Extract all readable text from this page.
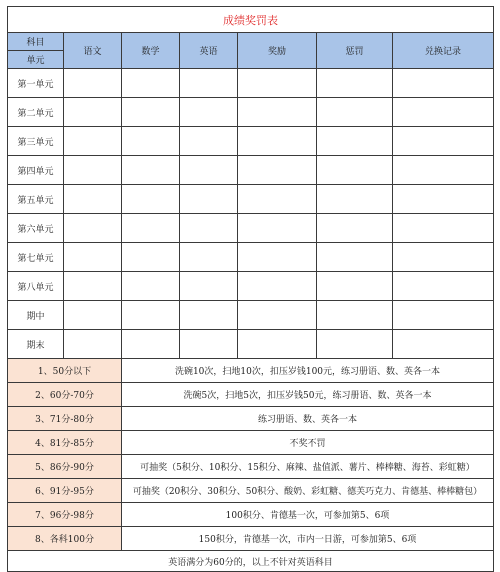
成绩奖罚表						
科目	语文	数学	英语	奖励	惩罚	兑换记录
单元						
第一单元						
第二单元						
第三单元						
第四单元						
第五单元						
第六单元						
第七单元						
第八单元						
期中						
期末						
1、50分以下		洗碗10次，扫地10次，扣压岁钱100元，练习册语、数、英各一本				
2、60分-70分		洗碗5次，扫地5次，扣压岁钱50元，练习册语、数、英各一本				
3、71分-80分		练习册语、数、英各一本				
4、81分-85分		不奖不罚				
5、86分-90分		可抽奖（5积分、10积分、15积分、麻辣、盐值派、薯片、棒棒糖、海苔、彩虹糖）				
6、91分-95分		可抽奖（20积分、30积分、50积分、酸奶、彩虹糖、德芙巧克力、肯德基、棒棒糖包）				
7、96分-98分		100积分、肯德基一次，可参加第5、6项				
8、各科100分		150积分，肯德基一次，市内一日游，可参加第5、6项				
英语满分为60分的，以上不针对英语科目						
